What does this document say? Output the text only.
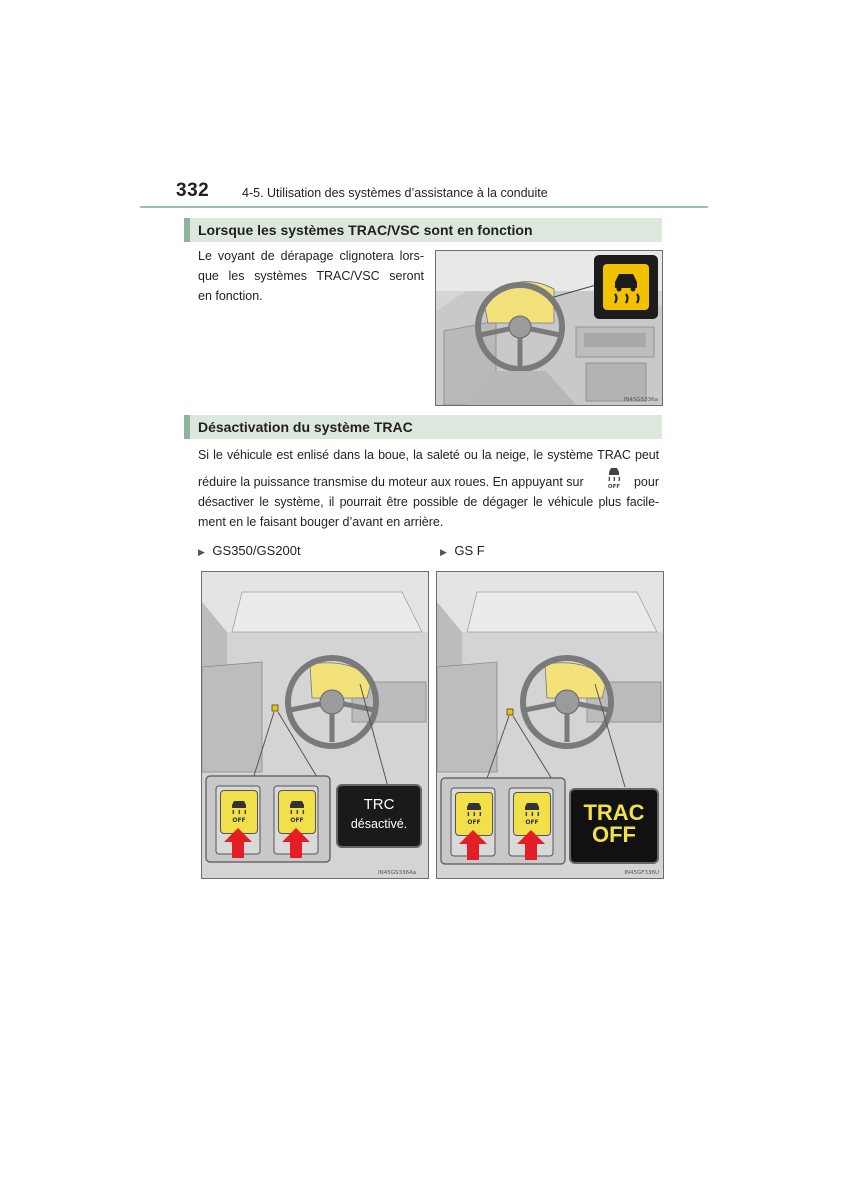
332	4-5. Utilisation des systèmes d’assistance à la conduite
Lorsque les systèmes TRAC/VSC sont en fonction
Le voyant de dérapage clignotera lors-
que les systèmes TRAC/VSC seront
en fonction.
IN45GS336a
Désactivation du système TRAC
Si le véhicule est enlisé dans la boue, la saleté ou la neige, le système TRAC peut
réduire la puissance transmise du moteur aux roues. En appuyant sur	OFF pour
désactiver le système, il pourrait être possible de dégager le véhicule plus facile-
ment en le faisant bouger d’avant en arrière.
▶ GS350/GS200t	▶ GS F
OFF	OFF
TRC
désactivé.
IN45GS336Aa
OFF	OFF	TRAC
OFF
IN45GF336U
